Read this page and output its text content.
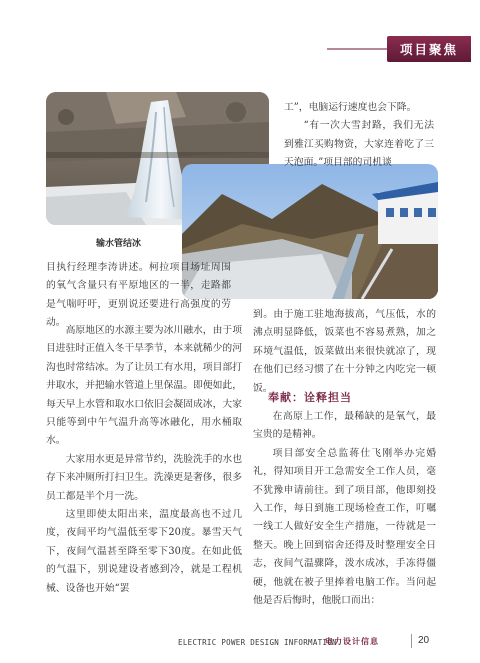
项目聚焦
输水管结冰

工”，电脑运行速度也会下降。

“有一次大雪封路，我们无法到雅江买购物资，大家连着吃了三天泡面。”项目部的司机谈

目执行经理李涛讲述。柯拉项目场址周围的氧气含量只有平原地区的一半，走路都是气喘吁吁，更别说还要进行高强度的劳动。

高原地区的水源主要为冰川融水，由于项目进驻时正值入冬干旱季节，本来就稀少的河沟也时常结冰。为了让员工有水用，项目部打井取水，并把输水管道上里保温。即便如此，每天早上水管和取水口依旧会凝固成冰，大家只能等到中午气温升高等冰融化，用水桶取水。

大家用水更是异常节约，洗脸洗手的水也存下来冲厕所打扫卫生。洗澡更是奢侈，很多员工都是半个月一洗。

这里即使太阳出来，温度最高也不过几度，夜间平均气温低至零下20度。暴雪天气下，夜间气温甚至降至零下30度。在如此低的气温下，别说建设者感到冷，就是工程机械、设备也开始“罢

到。由于施工驻地海拔高，气压低，水的沸点明显降低，饭菜也不容易煮熟，加之环境气温低，饭菜做出来很快就凉了，现在他们已经习惯了在十分钟之内吃完一顿饭。

奉献：诠释担当

在高原上工作，最稀缺的是氧气，最宝贵的是精神。

项目部安全总监蒋仕飞刚举办完婚礼，得知项目开工急需安全工作人员，毫不犹豫申请前往。到了项目部，他即刻投入工作，每日到施工现场检查工作，叮嘱一线工人做好安全生产措施，一待就是一整天。晚上回到宿舍还得及时整理安全日志，夜间气温骤降，泼水成冰，手冻得僵硬，他就在被子里捧着电脑工作。当问起他是否后悔时，他脱口而出：

ELECTRIC POWER DESIGN INFORMATION
电力设计信息	20
